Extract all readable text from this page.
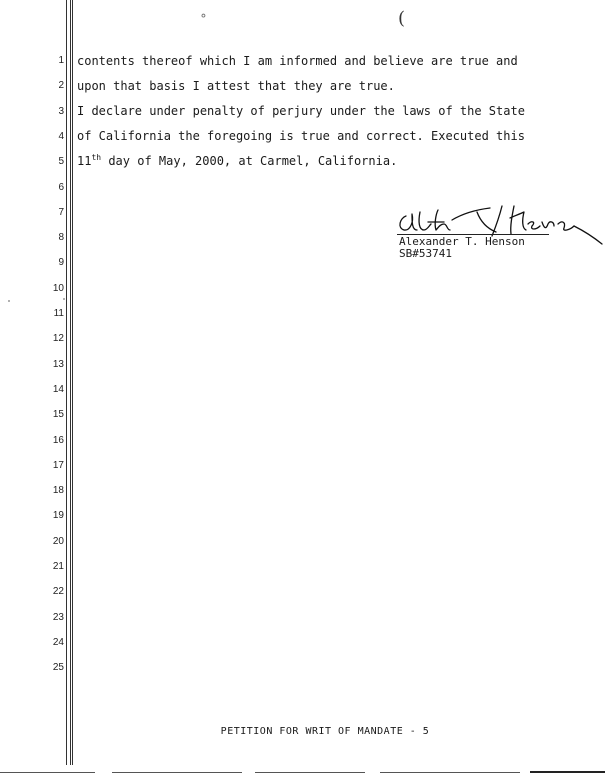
∘	(
1
2
3
4
5
6
7
8
9
10
11
12
13
14
15
16
17
18
19
20
21
22
23
24
25
contents thereof which I am informed and believe are true and
upon that basis I attest that they are true.
I declare under penalty of perjury under the laws of the State
of California the foregoing is true and correct. Executed this
11th day of May, 2000, at Carmel, California.
Alexander T. Henson
SB#53741
PETITION FOR WRIT OF MANDATE - 5
